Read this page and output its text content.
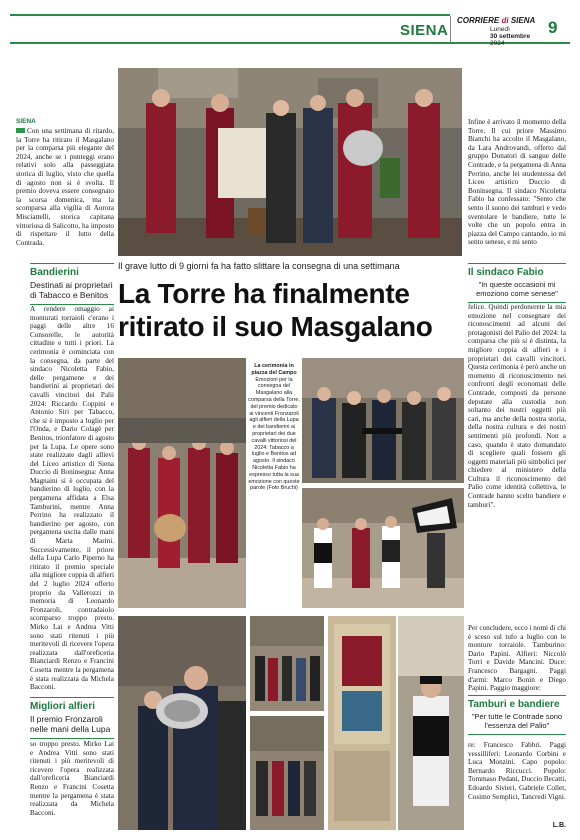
SIENA
CORRIERE di SIENA
Lunedì
30 settembre
2024
9
SIENA
Con una settimana di ritardo, la Torre ha ritirato il Masgalano per la comparsa più elegante del 2024, anche se i punteggi erano relativi solo alla passeggiata storica di luglio, visto che quella di agosto non si è svolta. Il premio doveva essere consegnato la scorsa domenica, ma la scomparsa alla vigilia di Aurora Misciattelli, storica capitana vittoriosa di Salicotto, ha imposto di rispettare il lutto della Contrada.
Bandierini
Destinati ai proprietari di Tabacco e Benitos
A rendere omaggio ai monturati torraioli c'erano i paggi delle altre 16 Consorelle, le autorità cittadine e tutti i priori. La cerimonia è cominciata con la consegna, da parte del sindaco Nicoletta Fabio, delle pergamene e dei bandierini ai proprietari dei cavalli vincitori dei Palii 2024: Riccardo Coppini e Antonio Siri per Tabacco, che si è imposto a luglio per l'Onda, e Dario Colagè per Benitos, trionfatore di agosto per la Lupa. Le opere sono state realizzate dagli allievi del Liceo artistico di Siena Duccio di Boninsegna: Anna Magnaini si è occupata del bandierino di luglio, con la pergamena affidata a Elsa Tamburini, mentre Anna Perrino ha realizzato il bandierino per agosto, con pergamena uscita dalle mani di Marta Marini. Successivamente, il priore della Lupa Carlo Piperno ha ritirato il premio speciale alla migliore coppia di alfieri del 2 luglio 2024 offerto proprio da Vallerozzi in memoria di Leonardo Fronzaroli, contradaiolo scomparso troppo presto. Mirko Lai e Andrea Vitti sono stati ritenuti i più meritevoli di ricevere l'opera realizzata dall'oreficeria Bianciardi Renzo e Francini Cosetta mentre la pergamena è stata realizzata da Michela Bacconi.
Migliori alfieri
Il premio Fronzaroli nelle mani della Lupa
so troppo presto. Mirko Lai e Andrea Vitti sono stati ritenuti i più meritevoli di ricevere l'opera realizzata dall'oreficeria Bianciardi Renzo e Francini Cosetta mentre la pergamena è stata realizzata da Michela Bacconi.
Infine è arrivato il momento della Torre. Il cui priore Massimo Bianchi ha accolto il Masgalano, da Lara Androvandi, offerto dal gruppo Donatori di sangue delle Contrade, e la pergamena di Anna Perrino, anche lei studentessa del Liceo artistico Duccio di Boninsegna. Il sindaco Nicoletta Fabio ha confessato: "Sento che sento il suono dei tamburi e vedo sventolare le bandiere, tutte le volte che un popolo entra in piazza del Campo cantando, io mi sento senese, e mi sento
Il grave lutto di 9 giorni fa ha fatto slittare la consegna di una settimana
La Torre ha finalmente ritirato il suo Masgalano
Il sindaco Fabio
"In queste occasioni mi emoziono come senese"
felice. Quindi perdonerete la mia emozione nel consegnare dei riconoscimenti ad alcuni dei protagonisti del Palio del 2024: la comparsa che più si è distinta, la migliore coppia di alfieri e i proprietari dei cavalli vincitori. Questa cerimonia è però anche un momento di riconoscimento nei confronti degli economati delle Contrade, composti da persone deputate alla custodia non soltanto dei nostri oggetti più cari, ma anche della nostra storia, della nostra cultura e dei nostri sentimenti più profondi. Non a caso, quando è stato domandato di scegliere quali fossero gli oggetti materiali più simbolici per chiedere al ministero della Cultura il riconoscimento del Palio come identità collettiva, le Contrade hanno scelto bandiere e tamburi".
La cerimonia in piazza del Campo
Emozioni per la consegna del Masgalano alla comparsa della Torre, del premio dedicato ai vincenti Fronzaroli agli alfieri della Lupa e dei bandierini ai proprietari dei due cavalli vittoriosi del 2024: Tabacco a luglio e Benitos ad agosto. Il sindaco Nicoletta Fabio ha espresso tutta la sua emozione con queste parole (Foto Bruchi)
Per concludere, ecco i nomi di chi è sceso sul tufo a luglio con le monture torraiole. Tamburino: Dario Papini. Alfieri: Niccolò Torri e Davide Mancini. Duce: Francesco Bargagni. Paggi d'armi: Marco Bonin e Diego Papini. Paggio maggiore:
Tamburi e bandiere
"Per tutte le Contrade sono l'essenza del Palio"
re: Francesco Fabbri. Paggi vessilliferi: Leonardo Corbini e Luca Monzini. Capo popolo: Bernardo Riccucci. Popolo: Tommaso Pedani, Duccio Becatti, Edoardo Sivieri, Gabriele Collet, Cosimo Semplici, Tancredi Vigni.
L.B.
